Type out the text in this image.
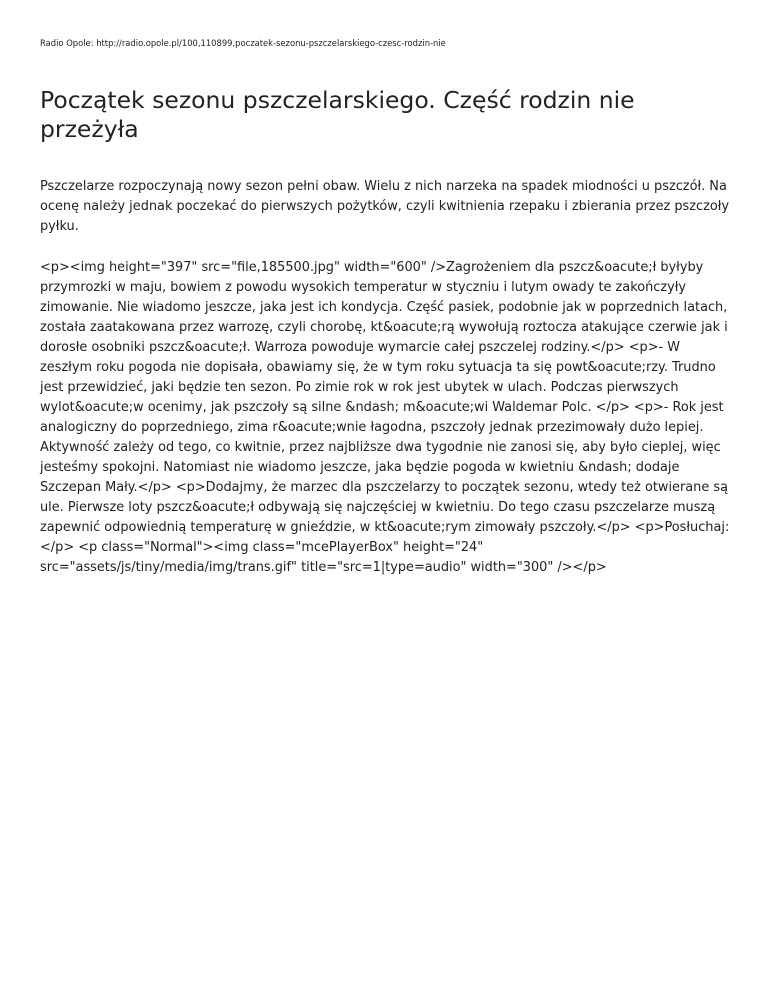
Radio Opole: http://radio.opole.pl/100,110899,poczatek-sezonu-pszczelarskiego-czesc-rodzin-nie
Początek sezonu pszczelarskiego. Część rodzin nie przeżyła

Pszczelarze rozpoczynają nowy sezon pełni obaw. Wielu z nich narzeka na spadek miodności u pszczół. Na ocenę należy jednak poczekać do pierwszych pożytków, czyli kwitnienia rzepaku i zbierania przez pszczoły pyłku.

<p><img height="397" src="file,185500.jpg" width="600" />Zagrożeniem dla pszcz&oacute;ł byłyby przymrozki w maju, bowiem z powodu wysokich temperatur w styczniu i lutym owady te zakończyły zimowanie. Nie wiadomo jeszcze, jaka jest ich kondycja. Część pasiek, podobnie jak w poprzednich latach, została zaatakowana przez warrozę, czyli chorobę, kt&oacute;rą wywołują roztocza atakujące czerwie jak i dorosłe osobniki pszcz&oacute;ł. Warroza powoduje wymarcie całej pszczelej rodziny.</p> <p>- W zeszłym roku pogoda nie dopisała, obawiamy się, że w tym roku sytuacja ta się powt&oacute;rzy. Trudno jest przewidzieć, jaki będzie ten sezon. Po zimie rok w rok jest ubytek w ulach. Podczas pierwszych wylot&oacute;w ocenimy, jak pszczoły są silne &ndash; m&oacute;wi Waldemar Polc. </p> <p>- Rok jest analogiczny do poprzedniego, zima r&oacute;wnie łagodna, pszczoły jednak przezimowały dużo lepiej. Aktywność zależy od tego, co kwitnie, przez najbliższe dwa tygodnie nie zanosi się, aby było cieplej, więc jesteśmy spokojni. Natomiast nie wiadomo jeszcze, jaka będzie pogoda w kwietniu &ndash; dodaje Szczepan Mały.</p> <p>Dodajmy, że marzec dla pszczelarzy to początek sezonu, wtedy też otwierane są ule. Pierwsze loty pszcz&oacute;ł odbywają się najczęściej w kwietniu. Do tego czasu pszczelarze muszą zapewnić odpowiednią temperaturę w gnieździe, w kt&oacute;rym zimowały pszczoły.</p> <p>Posłuchaj:</p> <p class="Normal"><img class="mcePlayerBox" height="24" src="assets/js/tiny/media/img/trans.gif" title="src=1|type=audio" width="300" /></p>
